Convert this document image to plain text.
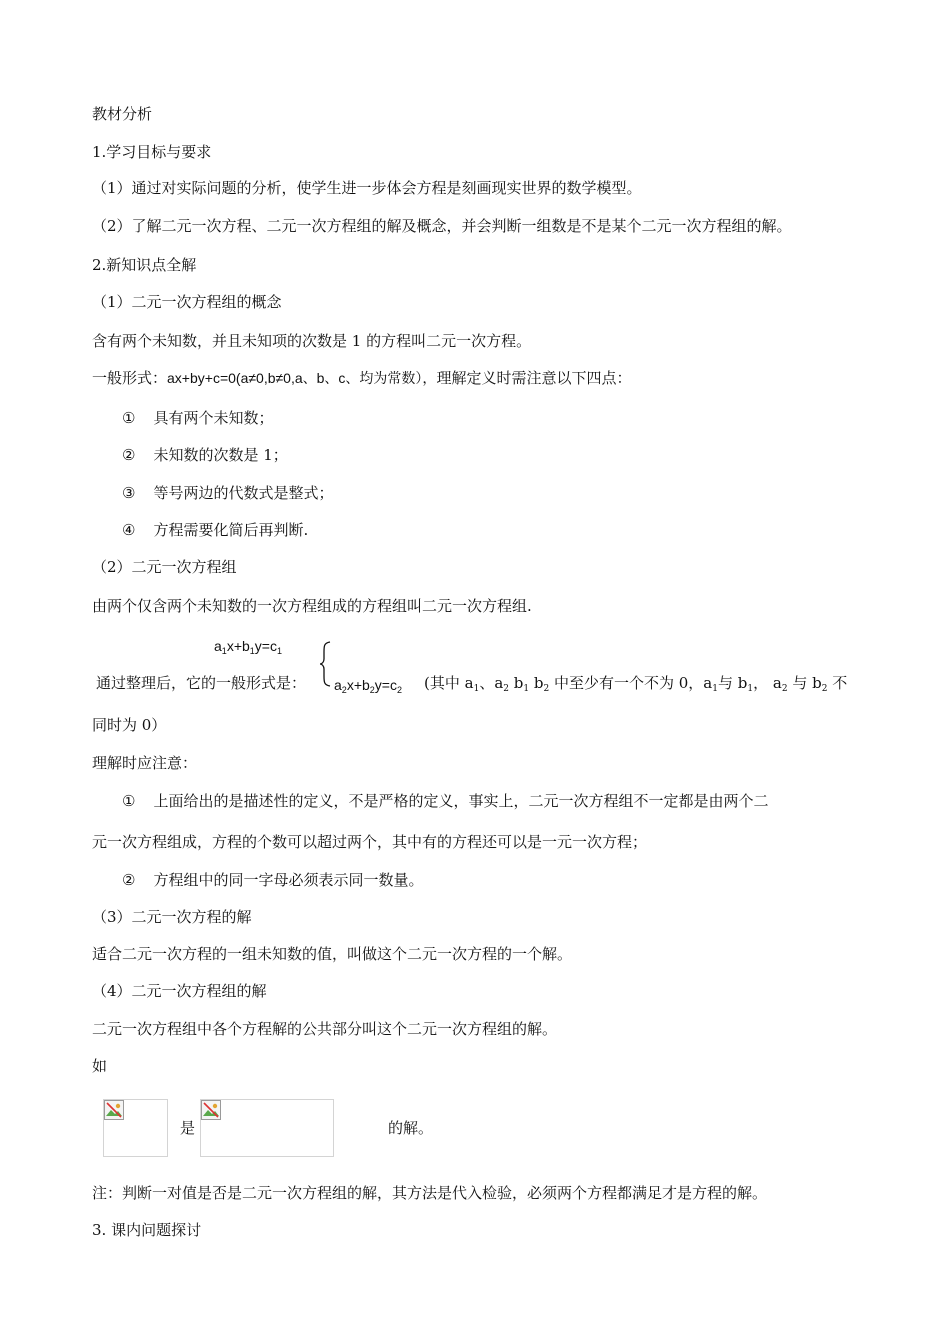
教材分析
1.学习目标与要求
（1）通过对实际问题的分析，使学生进一步体会方程是刻画现实世界的数学模型。
（2）了解二元一次方程、二元一次方程组的解及概念，并会判断一组数是不是某个二元一次方程组的解。
2.新知识点全解
（1）二元一次方程组的概念
含有两个未知数，并且未知项的次数是 1 的方程叫二元一次方程。
一般形式：ax+by+c=0(a≠0,b≠0,a、b、c、均为常数），理解定义时需注意以下四点：
① 具有两个未知数；
② 未知数的次数是 1；
③ 等号两边的代数式是整式；
④ 方程需要化简后再判断.
（2）二元一次方程组
由两个仅含两个未知数的一次方程组成的方程组叫二元一次方程组.
$a_1x+b_1y=c_1$
通过整理后，它的一般形式是： $a_2x+b_2y=c_2$ (其中 $a_1$、$a_2$ $b_1$ $b_2$ 中至少有一个不为 0，$a_1$与 $b_1$， $a_2$ 与 $b_2$ 不
同时为 0）
理解时应注意：
① 上面给出的是描述性的定义，不是严格的定义，事实上，二元一次方程组不一定都是由两个二
元一次方程组成，方程的个数可以超过两个，其中有的方程还可以是一元一次方程；
② 方程组中的同一字母必须表示同一数量。
（3）二元一次方程的解
适合二元一次方程的一组未知数的值，叫做这个二元一次方程的一个解。
（4）二元一次方程组的解
二元一次方程组中各个方程解的公共部分叫这个二元一次方程组的解。
如
是	的解。
注：判断一对值是否是二元一次方程组的解，其方法是代入检验，必须两个方程都满足才是方程的解。
3. 课内问题探讨
